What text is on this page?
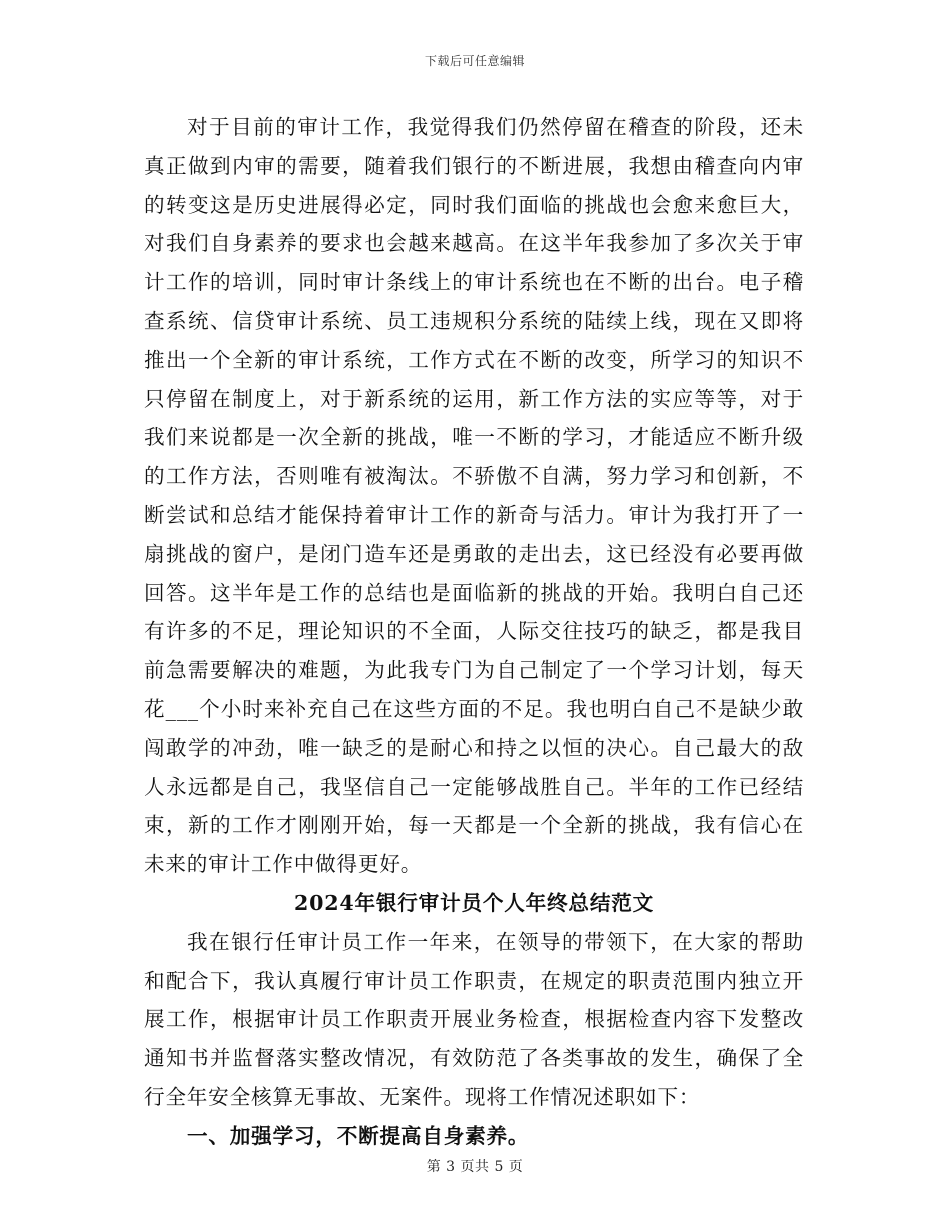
下载后可任意编辑

对于目前的审计工作，我觉得我们仍然停留在稽查的阶段，还未真正做到内审的需要，随着我们银行的不断进展，我想由稽查向内审的转变这是历史进展得必定，同时我们面临的挑战也会愈来愈巨大，对我们自身素养的要求也会越来越高。在这半年我参加了多次关于审计工作的培训，同时审计条线上的审计系统也在不断的出台。电子稽查系统、信贷审计系统、员工违规积分系统的陆续上线，现在又即将推出一个全新的审计系统，工作方式在不断的改变，所学习的知识不只停留在制度上，对于新系统的运用，新工作方法的实应等等，对于我们来说都是一次全新的挑战，唯一不断的学习，才能适应不断升级的工作方法，否则唯有被淘汰。不骄傲不自满，努力学习和创新，不断尝试和总结才能保持着审计工作的新奇与活力。审计为我打开了一扇挑战的窗户，是闭门造车还是勇敢的走出去，这已经没有必要再做回答。这半年是工作的总结也是面临新的挑战的开始。我明白自己还有许多的不足，理论知识的不全面，人际交往技巧的缺乏，都是我目前急需要解决的难题，为此我专门为自己制定了一个学习计划，每天花___个小时来补充自己在这些方面的不足。我也明白自己不是缺少敢闯敢学的冲劲，唯一缺乏的是耐心和持之以恒的决心。自己最大的敌人永远都是自己，我坚信自己一定能够战胜自己。半年的工作已经结束，新的工作才刚刚开始，每一天都是一个全新的挑战，我有信心在未来的审计工作中做得更好。

2024年银行审计员个人年终总结范文

我在银行任审计员工作一年来，在领导的带领下，在大家的帮助和配合下，我认真履行审计员工作职责，在规定的职责范围内独立开展工作，根据审计员工作职责开展业务检查，根据检查内容下发整改通知书并监督落实整改情况，有效防范了各类事故的发生，确保了全行全年安全核算无事故、无案件。现将工作情况述职如下：

一、加强学习，不断提高自身素养。

第 3 页共 5 页
